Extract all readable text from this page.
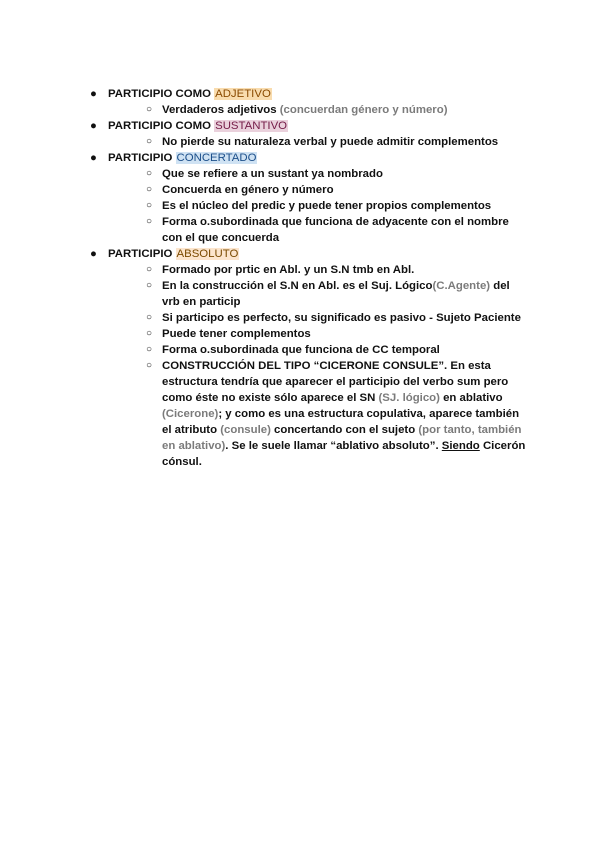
● PARTICIPIO COMO ADJETIVO
○ Verdaderos adjetivos (concuerdan género y número)
● PARTICIPIO COMO SUSTANTIVO
○ No pierde su naturaleza verbal y puede admitir complementos
● PARTICIPIO CONCERTADO
○ Que se refiere a un sustant ya nombrado
○ Concuerda en género y número
○ Es el núcleo del predic y puede tener propios complementos
○ Forma o.subordinada que funciona de adyacente con el nombre con el que concuerda
● PARTICIPIO ABSOLUTO
○ Formado por prtic en Abl. y un S.N tmb en Abl.
○ En la construcción el S.N en Abl. es el Suj. Lógico(C.Agente) del vrb en particip
○ Si participo es perfecto, su significado es pasivo - Sujeto Paciente
○ Puede tener complementos
○ Forma o.subordinada que funciona de CC temporal
○ CONSTRUCCIÓN DEL TIPO “CICERONE CONSULE”. En esta estructura tendría que aparecer el participio del verbo sum pero como éste no existe sólo aparece el SN (SJ. lógico) en ablativo (Cicerone); y como es una estructura copulativa, aparece también el atributo (consule) concertando con el sujeto (por tanto, también en ablativo). Se le suele llamar “ablativo absoluto”. Siendo Cicerón cónsul.
